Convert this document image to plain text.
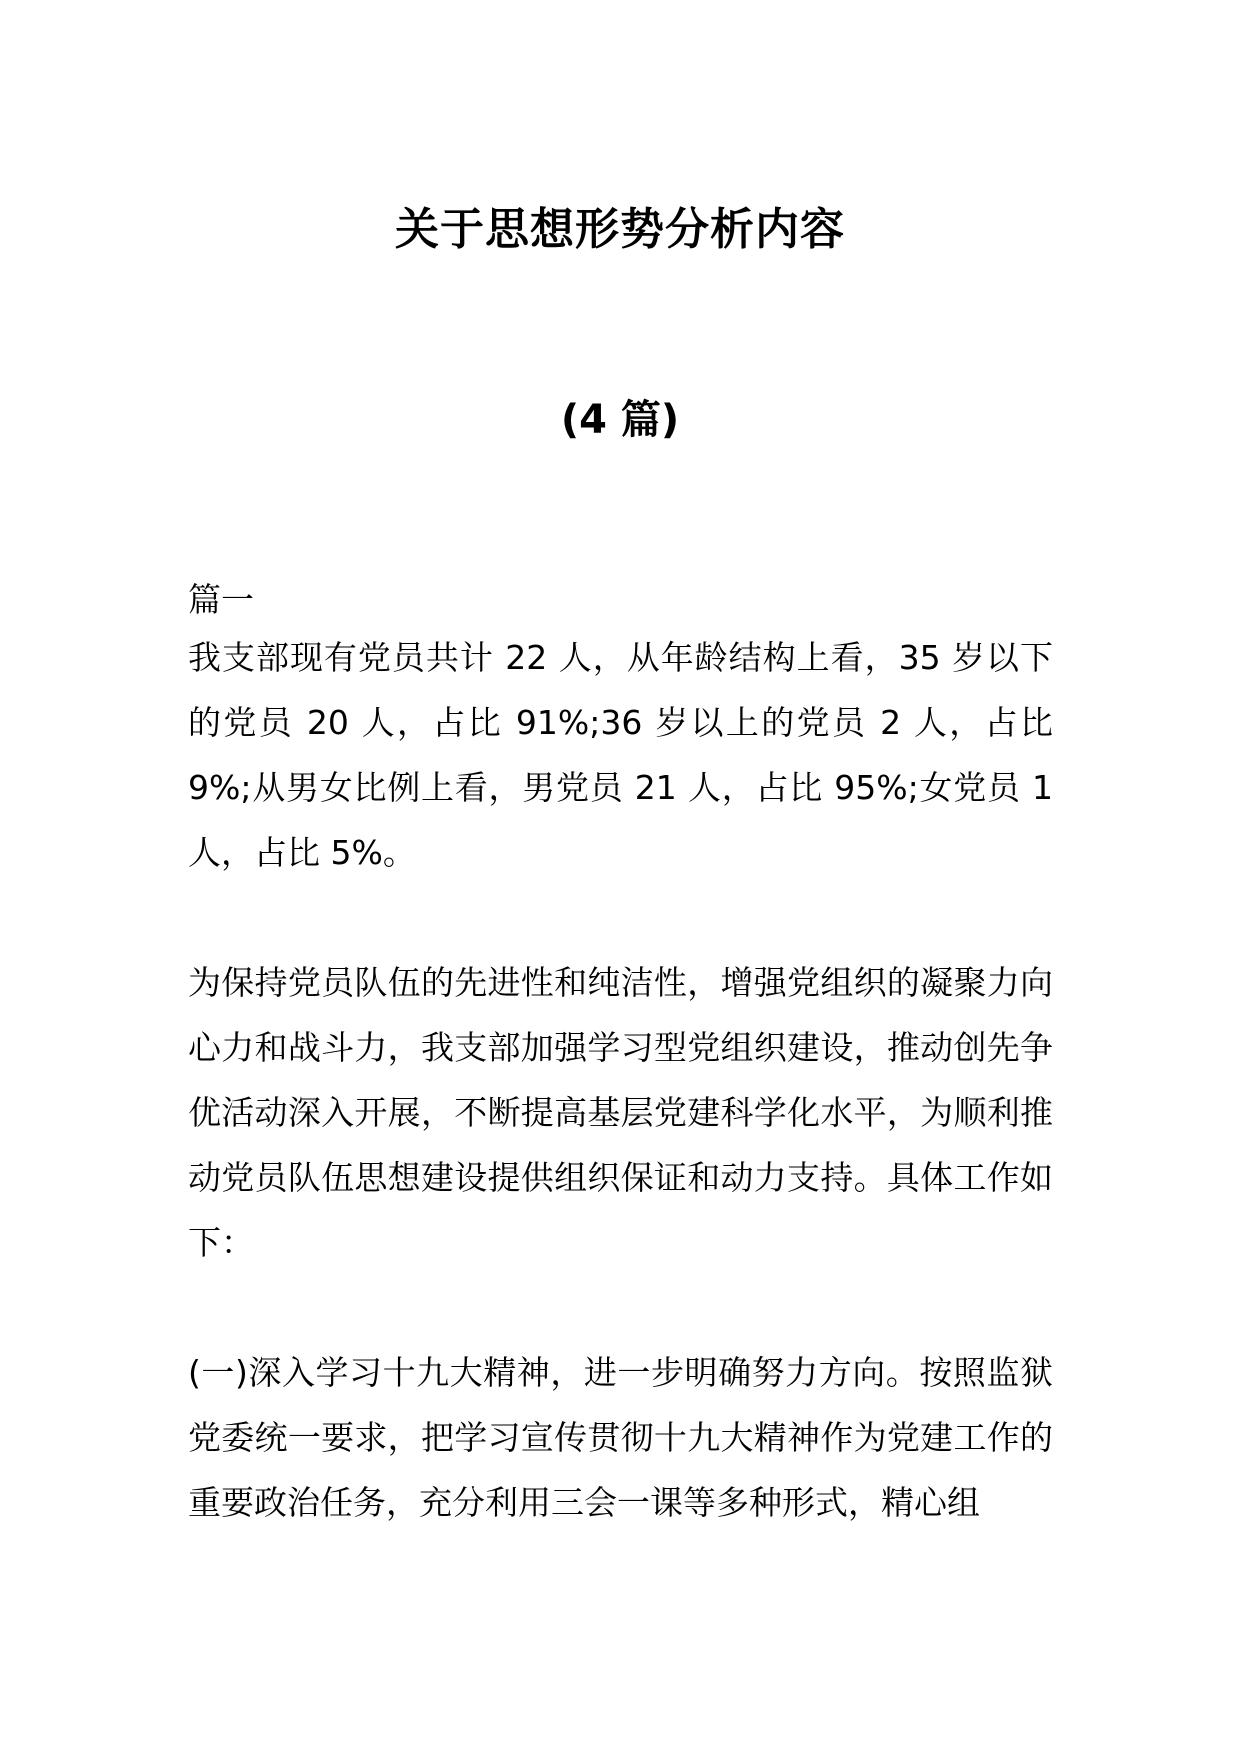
关于思想形势分析内容
(4 篇)
篇一

我支部现有党员共计 22 人，从年龄结构上看，35 岁以下的党员 20 人，占比 91%;36 岁以上的党员 2 人，占比 9%;从男女比例上看，男党员 21 人，占比 95%;女党员 1 人，占比 5%。

为保持党员队伍的先进性和纯洁性，增强党组织的凝聚力向心力和战斗力，我支部加强学习型党组织建设，推动创先争优活动深入开展，不断提高基层党建科学化水平，为顺利推动党员队伍思想建设提供组织保证和动力支持。具体工作如下：

(一)深入学习十九大精神，进一步明确努力方向。按照监狱党委统一要求，把学习宣传贯彻十九大精神作为党建工作的重要政治任务，充分利用三会一课等多种形式，精心组
